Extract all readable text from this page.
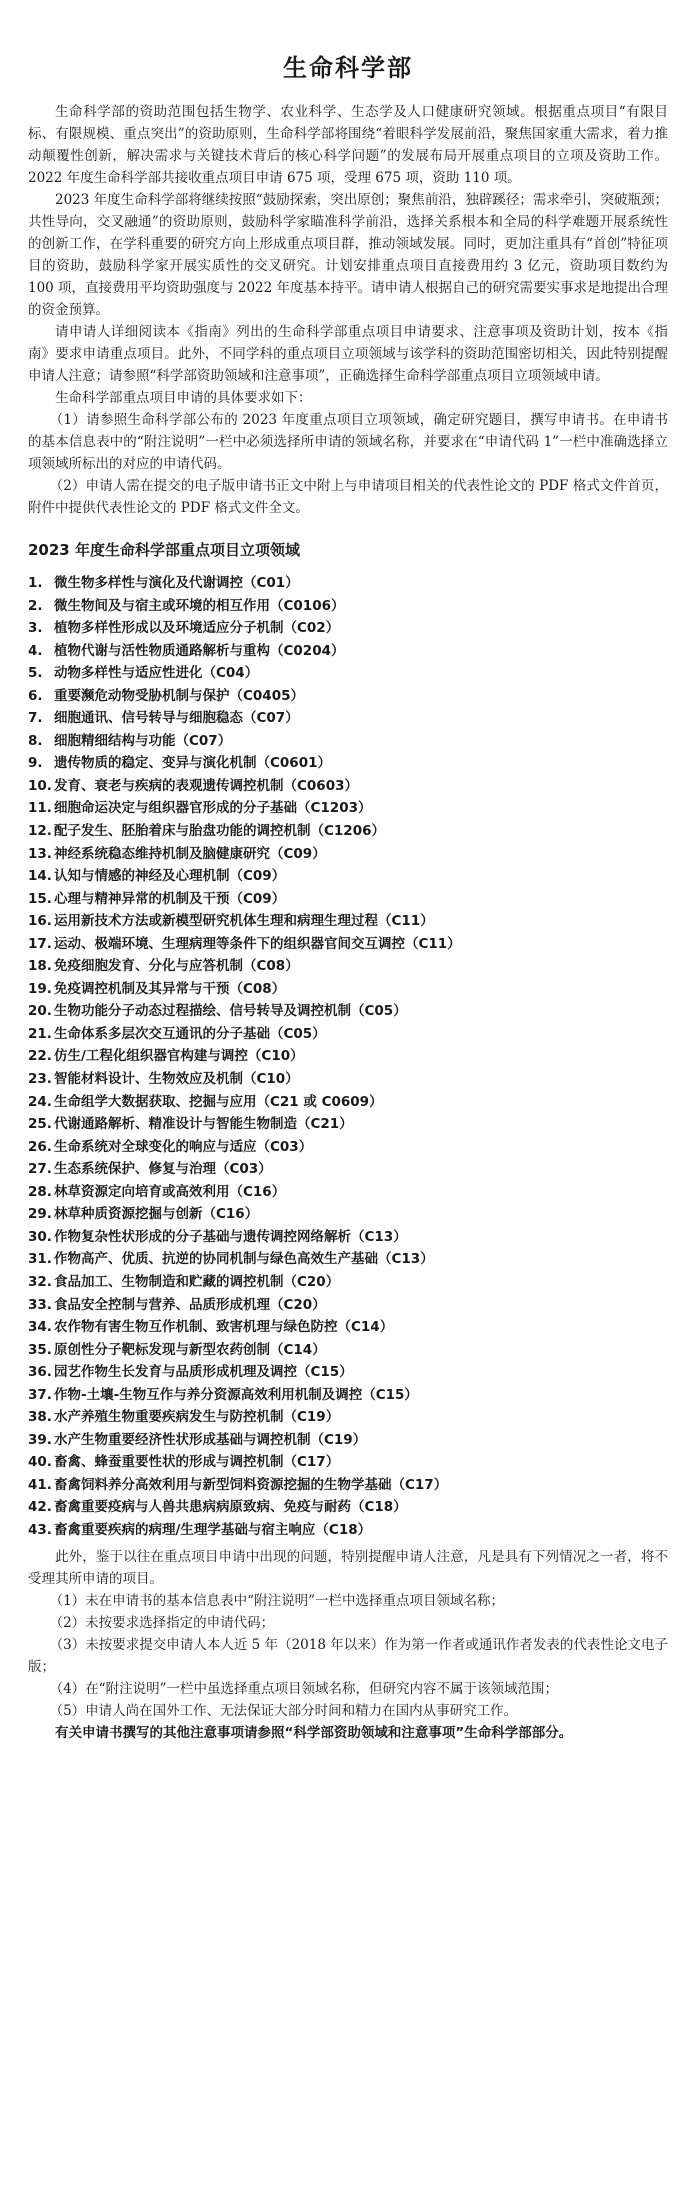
生命科学部

生命科学部的资助范围包括生物学、农业科学、生态学及人口健康研究领域。根据重点项目“有限目标、有限规模、重点突出”的资助原则，生命科学部将围绕“着眼科学发展前沿，聚焦国家重大需求，着力推动颠覆性创新，解决需求与关键技术背后的核心科学问题”的发展布局开展重点项目的立项及资助工作。2022 年度生命科学部共接收重点项目申请 675 项，受理 675 项，资助 110 项。

2023 年度生命科学部将继续按照“鼓励探索，突出原创；聚焦前沿，独辟蹊径；需求牵引，突破瓶颈；共性导向，交叉融通”的资助原则，鼓励科学家瞄准科学前沿，选择关系根本和全局的科学难题开展系统性的创新工作，在学科重要的研究方向上形成重点项目群，推动领域发展。同时，更加注重具有“首创”特征项目的资助，鼓励科学家开展实质性的交叉研究。计划安排重点项目直接费用约 3 亿元，资助项目数约为 100 项，直接费用平均资助强度与 2022 年度基本持平。请申请人根据自己的研究需要实事求是地提出合理的资金预算。

请申请人详细阅读本《指南》列出的生命科学部重点项目申请要求、注意事项及资助计划，按本《指南》要求申请重点项目。此外，不同学科的重点项目立项领域与该学科的资助范围密切相关，因此特别提醒申请人注意；请参照“科学部资助领域和注意事项”，正确选择生命科学部重点项目立项领域申请。

生命科学部重点项目申请的具体要求如下：

（1）请参照生命科学部公布的 2023 年度重点项目立项领域，确定研究题目，撰写申请书。在申请书的基本信息表中的“附注说明”一栏中必须选择所申请的领域名称，并要求在“申请代码 1”一栏中准确选择立项领域所标出的对应的申请代码。

（2）申请人需在提交的电子版申请书正文中附上与申请项目相关的代表性论文的 PDF 格式文件首页，附件中提供代表性论文的 PDF 格式文件全文。

2023 年度生命科学部重点项目立项领域
1. 微生物多样性与演化及代谢调控（C01）
2. 微生物间及与宿主或环境的相互作用（C0106）
3. 植物多样性形成以及环境适应分子机制（C02）
4. 植物代谢与活性物质通路解析与重构（C0204）
5. 动物多样性与适应性进化（C04）
6. 重要濒危动物受胁机制与保护（C0405）
7. 细胞通讯、信号转导与细胞稳态（C07）
8. 细胞精细结构与功能（C07）
9. 遗传物质的稳定、变异与演化机制（C0601）
10. 发育、衰老与疾病的表观遗传调控机制（C0603）
11. 细胞命运决定与组织器官形成的分子基础（C1203）
12. 配子发生、胚胎着床与胎盘功能的调控机制（C1206）
13. 神经系统稳态维持机制及脑健康研究（C09）
14. 认知与情感的神经及心理机制（C09）
15. 心理与精神异常的机制及干预（C09）
16. 运用新技术方法或新模型研究机体生理和病理生理过程（C11）
17. 运动、极端环境、生理病理等条件下的组织器官间交互调控（C11）
18. 免疫细胞发育、分化与应答机制（C08）
19. 免疫调控机制及其异常与干预（C08）
20. 生物功能分子动态过程描绘、信号转导及调控机制（C05）
21. 生命体系多层次交互通讯的分子基础（C05）
22. 仿生/工程化组织器官构建与调控（C10）
23. 智能材料设计、生物效应及机制（C10）
24. 生命组学大数据获取、挖掘与应用（C21 或 C0609）
25. 代谢通路解析、精准设计与智能生物制造（C21）
26. 生命系统对全球变化的响应与适应（C03）
27. 生态系统保护、修复与治理（C03）
28. 林草资源定向培育或高效利用（C16）
29. 林草种质资源挖掘与创新（C16）
30. 作物复杂性状形成的分子基础与遗传调控网络解析（C13）
31. 作物高产、优质、抗逆的协同机制与绿色高效生产基础（C13）
32. 食品加工、生物制造和贮藏的调控机制（C20）
33. 食品安全控制与营养、品质形成机理（C20）
34. 农作物有害生物互作机制、致害机理与绿色防控（C14）
35. 原创性分子靶标发现与新型农药创制（C14）
36. 园艺作物生长发育与品质形成机理及调控（C15）
37. 作物-土壤-生物互作与养分资源高效利用机制及调控（C15）
38. 水产养殖生物重要疾病发生与防控机制（C19）
39. 水产生物重要经济性状形成基础与调控机制（C19）
40. 畜禽、蜂蚕重要性状的形成与调控机制（C17）
41. 畜禽饲料养分高效利用与新型饲料资源挖掘的生物学基础（C17）
42. 畜禽重要疫病与人兽共患病病原致病、免疫与耐药（C18）
43. 畜禽重要疾病的病理/生理学基础与宿主响应（C18）

此外，鉴于以往在重点项目申请中出现的问题，特别提醒申请人注意，凡是具有下列情况之一者，将不受理其所申请的项目。

（1）未在申请书的基本信息表中“附注说明”一栏中选择重点项目领域名称；

（2）未按要求选择指定的申请代码；

（3）未按要求提交申请人本人近 5 年（2018 年以来）作为第一作者或通讯作者发表的代表性论文电子版；

（4）在“附注说明”一栏中虽选择重点项目领域名称，但研究内容不属于该领域范围；

（5）申请人尚在国外工作、无法保证大部分时间和精力在国内从事研究工作。

有关申请书撰写的其他注意事项请参照“科学部资助领域和注意事项”生命科学部部分。
